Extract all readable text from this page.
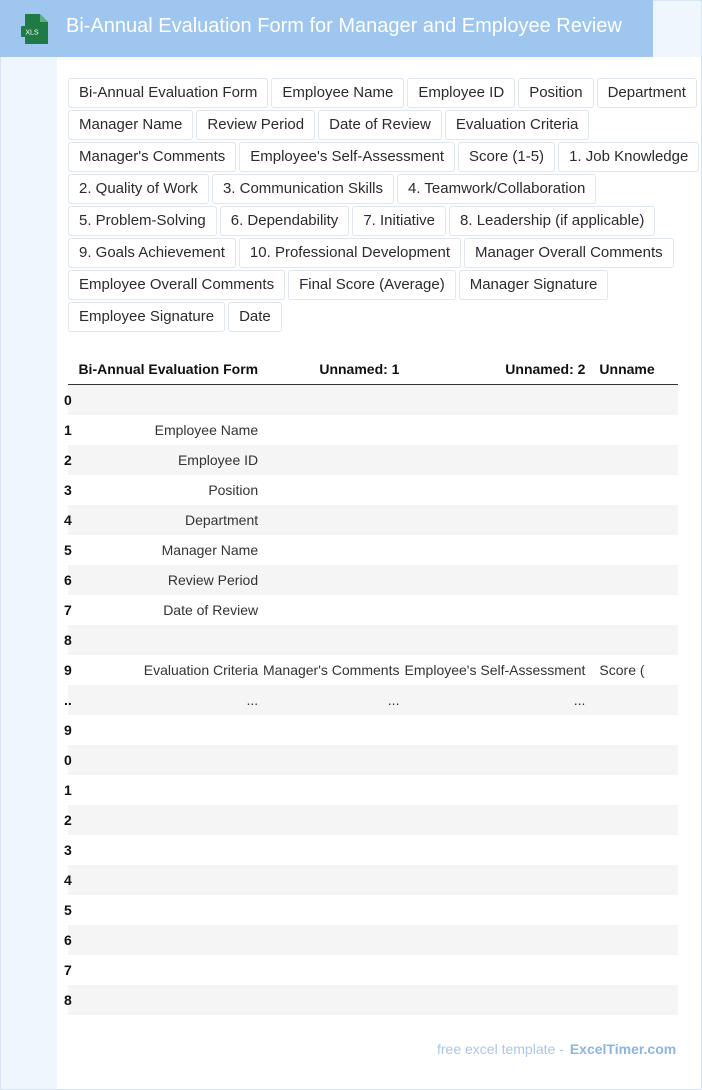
XLS Bi-Annual Evaluation Form for Manager and Employee Review
Bi-Annual Evaluation Form	Employee Name	Employee ID	Position	Department
Manager Name	Review Period	Date of Review	Evaluation Criteria
Manager's Comments	Employee's Self-Assessment	Score (1-5)	1. Job Knowledge
2. Quality of Work	3. Communication Skills	4. Teamwork/Collaboration
5. Problem-Solving	6. Dependability	7. Initiative	8. Leadership (if applicable)
9. Goals Achievement	10. Professional Development	Manager Overall Comments
Employee Overall Comments	Final Score (Average)	Manager Signature
Employee Signature	Date
	Bi-Annual Evaluation Form	Unnamed: 1	Unnamed: 2	Unname
0				
1	Employee Name			
2	Employee ID			
3	Position			
4	Department			
5	Manager Name			
6	Review Period			
7	Date of Review			
8				
9	Evaluation Criteria	Manager's Comments	Employee's Self-Assessment	Score (
..	...	...	...	
9				
0				
1				
2				
3				
4				
5				
6				
7				
8				
free excel template - ExcelTimer.com
